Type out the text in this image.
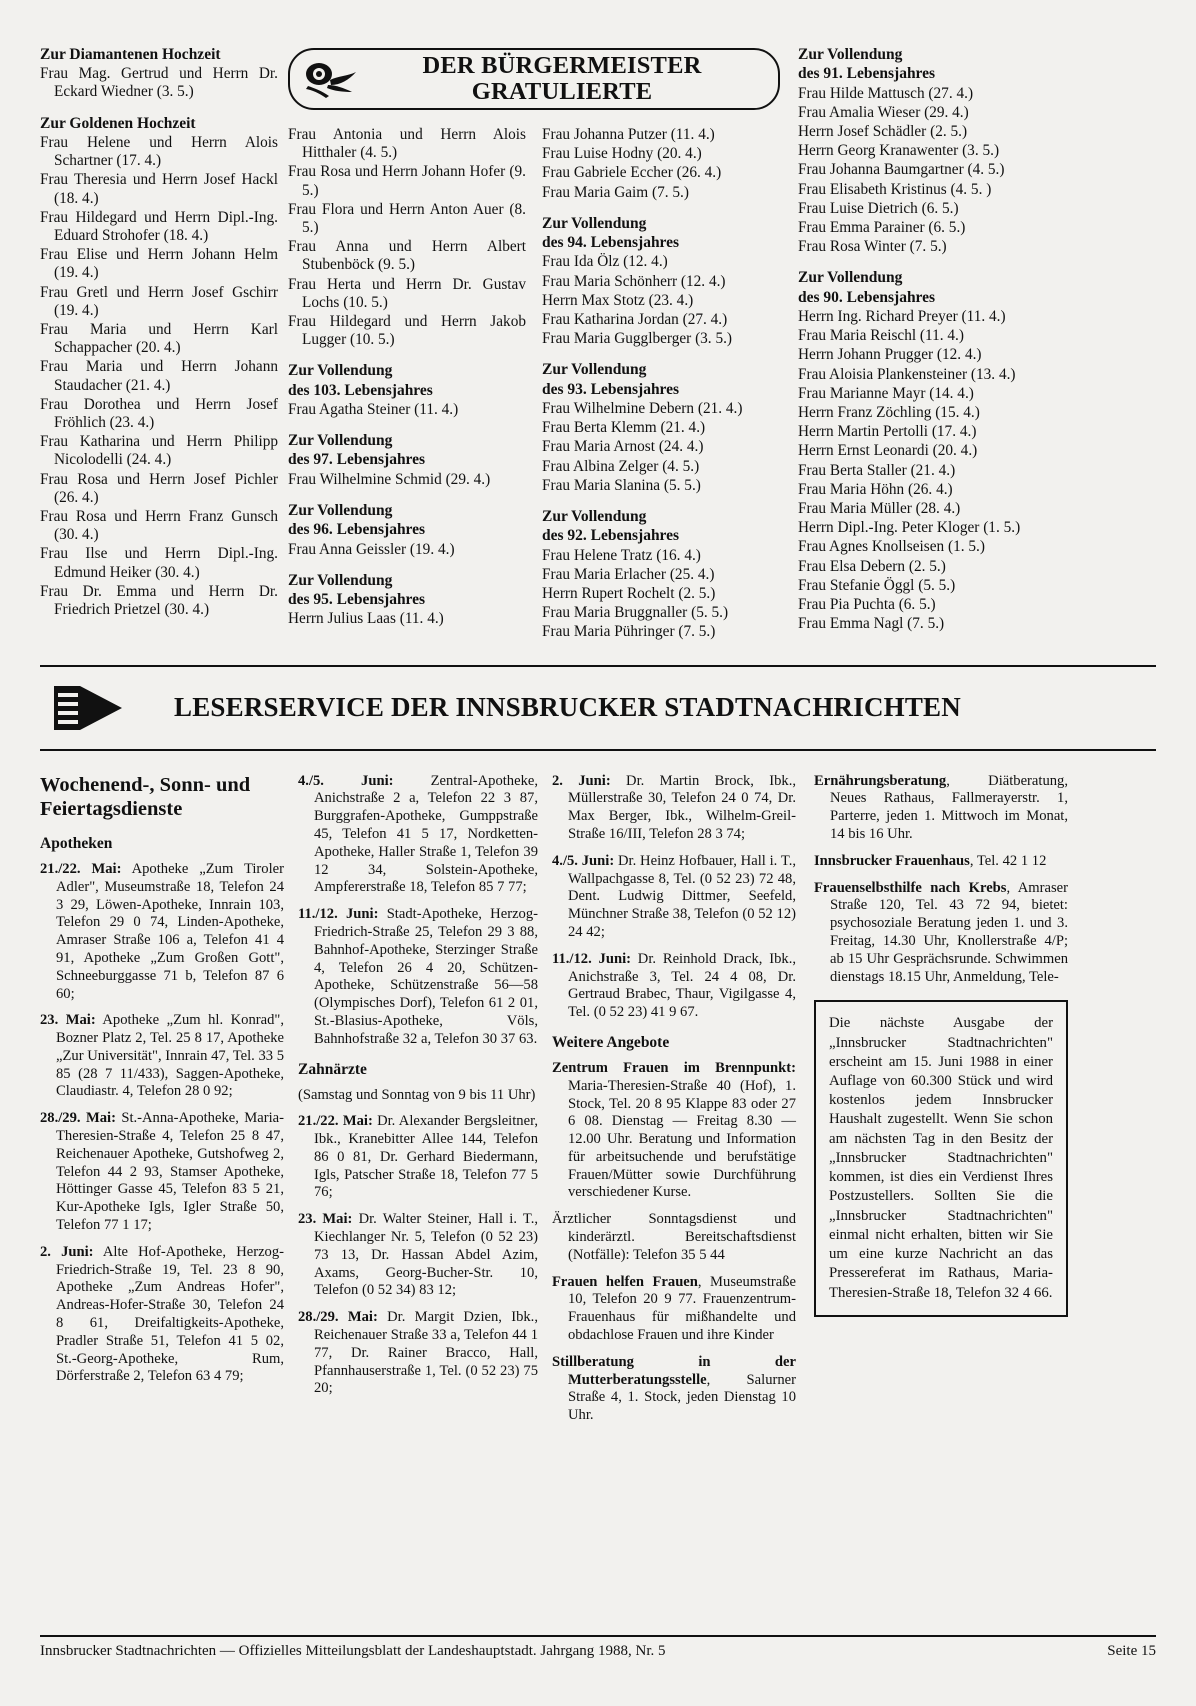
Zur Diamantenen Hochzeit
Frau Mag. Gertrud und Herrn Dr. Eckard Wiedner (3. 5.)
Zur Goldenen Hochzeit
Frau Helene und Herrn Alois Schartner (17. 4.)
Frau Theresia und Herrn Josef Hackl (18. 4.)
Frau Hildegard und Herrn Dipl.-Ing. Eduard Strohofer (18. 4.)
Frau Elise und Herrn Johann Helm (19. 4.)
Frau Gretl und Herrn Josef Gschirr (19. 4.)
Frau Maria und Herrn Karl Schappacher (20. 4.)
Frau Maria und Herrn Johann Staudacher (21. 4.)
Frau Dorothea und Herrn Josef Fröhlich (23. 4.)
Frau Katharina und Herrn Philipp Nicolodelli (24. 4.)
Frau Rosa und Herrn Josef Pichler (26. 4.)
Frau Rosa und Herrn Franz Gunsch (30. 4.)
Frau Ilse und Herrn Dipl.-Ing. Edmund Heiker (30. 4.)
Frau Dr. Emma und Herrn Dr. Friedrich Prietzel (30. 4.)
DER BÜRGERMEISTER GRATULIERTE
Frau Antonia und Herrn Alois Hitthaler (4. 5.)
Frau Rosa und Herrn Johann Hofer (9. 5.)
Frau Flora und Herrn Anton Auer (8. 5.)
Frau Anna und Herrn Albert Stubenböck (9. 5.)
Frau Herta und Herrn Dr. Gustav Lochs (10. 5.)
Frau Hildegard und Herrn Jakob Lugger (10. 5.)
Zur Vollendung
des 103. Lebensjahres
Frau Agatha Steiner (11. 4.)
Zur Vollendung
des 97. Lebensjahres
Frau Wilhelmine Schmid (29. 4.)
Zur Vollendung
des 96. Lebensjahres
Frau Anna Geissler (19. 4.)
Zur Vollendung
des 95. Lebensjahres
Herrn Julius Laas (11. 4.)
Frau Johanna Putzer (11. 4.)
Frau Luise Hodny (20. 4.)
Frau Gabriele Eccher (26. 4.)
Frau Maria Gaim (7. 5.)
Zur Vollendung
des 94. Lebensjahres
Frau Ida Ölz (12. 4.)
Frau Maria Schönherr (12. 4.)
Herrn Max Stotz (23. 4.)
Frau Katharina Jordan (27. 4.)
Frau Maria Gugglberger (3. 5.)
Zur Vollendung
des 93. Lebensjahres
Frau Wilhelmine Debern (21. 4.)
Frau Berta Klemm (21. 4.)
Frau Maria Arnost (24. 4.)
Frau Albina Zelger (4. 5.)
Frau Maria Slanina (5. 5.)
Zur Vollendung
des 92. Lebensjahres
Frau Helene Tratz (16. 4.)
Frau Maria Erlacher (25. 4.)
Herrn Rupert Rochelt (2. 5.)
Frau Maria Bruggnaller (5. 5.)
Frau Maria Pühringer (7. 5.)
Zur Vollendung
des 91. Lebensjahres
Frau Hilde Mattusch (27. 4.)
Frau Amalia Wieser (29. 4.)
Herrn Josef Schädler (2. 5.)
Herrn Georg Kranawenter (3. 5.)
Frau Johanna Baumgartner (4. 5.)
Frau Elisabeth Kristinus (4. 5. )
Frau Luise Dietrich (6. 5.)
Frau Emma Parainer (6. 5.)
Frau Rosa Winter (7. 5.)
Zur Vollendung
des 90. Lebensjahres
Herrn Ing. Richard Preyer (11. 4.)
Frau Maria Reischl (11. 4.)
Herrn Johann Prugger (12. 4.)
Frau Aloisia Plankensteiner (13. 4.)
Frau Marianne Mayr (14. 4.)
Herrn Franz Zöchling (15. 4.)
Herrn Martin Pertolli (17. 4.)
Herrn Ernst Leonardi (20. 4.)
Frau Berta Staller (21. 4.)
Frau Maria Höhn (26. 4.)
Frau Maria Müller (28. 4.)
Herrn Dipl.-Ing. Peter Kloger (1. 5.)
Frau Agnes Knollseisen (1. 5.)
Frau Elsa Debern (2. 5.)
Frau Stefanie Öggl (5. 5.)
Frau Pia Puchta (6. 5.)
Frau Emma Nagl (7. 5.)
LESERSERVICE DER INNSBRUCKER STADTNACHRICHTEN
Wochenend-, Sonn- und Feiertagsdienste
Apotheken
21./22. Mai: Apotheke „Zum Tiroler Adler", Museumstraße 18, Telefon 24 3 29, Löwen-Apotheke, Innrain 103, Telefon 29 0 74, Linden-Apotheke, Amraser Straße 106 a, Telefon 41 4 91, Apotheke „Zum Großen Gott", Schneeburggasse 71 b, Telefon 87 6 60;
23. Mai: Apotheke „Zum hl. Konrad", Bozner Platz 2, Tel. 25 8 17, Apotheke „Zur Universität", Innrain 47, Tel. 33 5 85 (28 7 11/433), Saggen-Apotheke, Claudiastr. 4, Telefon 28 0 92;
28./29. Mai: St.-Anna-Apotheke, Maria-Theresien-Straße 4, Telefon 25 8 47, Reichenauer Apotheke, Gutshofweg 2, Telefon 44 2 93, Stamser Apotheke, Höttinger Gasse 45, Telefon 83 5 21, Kur-Apotheke Igls, Igler Straße 50, Telefon 77 1 17;
2. Juni: Alte Hof-Apotheke, Herzog-Friedrich-Straße 19, Tel. 23 8 90, Apotheke „Zum Andreas Hofer", Andreas-Hofer-Straße 30, Telefon 24 8 61, Dreifaltigkeits-Apotheke, Pradler Straße 51, Telefon 41 5 02, St.-Georg-Apotheke, Rum, Dörferstraße 2, Telefon 63 4 79;
4./5. Juni: Zentral-Apotheke, Anichstraße 2 a, Telefon 22 3 87, Burggrafen-Apotheke, Gumppstraße 45, Telefon 41 5 17, Nordketten-Apotheke, Haller Straße 1, Telefon 39 12 34, Solstein-Apotheke, Ampfererstraße 18, Telefon 85 7 77;
11./12. Juni: Stadt-Apotheke, Herzog-Friedrich-Straße 25, Telefon 29 3 88, Bahnhof-Apotheke, Sterzinger Straße 4, Telefon 26 4 20, Schützen-Apotheke, Schützenstraße 56—58 (Olympisches Dorf), Telefon 61 2 01, St.-Blasius-Apotheke, Völs, Bahnhofstraße 32 a, Telefon 30 37 63.
Zahnärzte
(Samstag und Sonntag von 9 bis 11 Uhr)
21./22. Mai: Dr. Alexander Bergsleitner, Ibk., Kranebitter Allee 144, Telefon 86 0 81, Dr. Gerhard Biedermann, Igls, Patscher Straße 18, Telefon 77 5 76;
23. Mai: Dr. Walter Steiner, Hall i. T., Kiechlanger Nr. 5, Telefon (0 52 23) 73 13, Dr. Hassan Abdel Azim, Axams, Georg-Bucher-Str. 10, Telefon (0 52 34) 83 12;
28./29. Mai: Dr. Margit Dzien, Ibk., Reichenauer Straße 33 a, Telefon 44 1 77, Dr. Rainer Bracco, Hall, Pfannhauserstraße 1, Tel. (0 52 23) 75 20;
2. Juni: Dr. Martin Brock, Ibk., Müllerstraße 30, Telefon 24 0 74, Dr. Max Berger, Ibk., Wilhelm-Greil-Straße 16/III, Telefon 28 3 74;
4./5. Juni: Dr. Heinz Hofbauer, Hall i. T., Wallpachgasse 8, Tel. (0 52 23) 72 48, Dent. Ludwig Dittmer, Seefeld, Münchner Straße 38, Telefon (0 52 12) 24 42;
11./12. Juni: Dr. Reinhold Drack, Ibk., Anichstraße 3, Tel. 24 4 08, Dr. Gertraud Brabec, Thaur, Vigilgasse 4, Tel. (0 52 23) 41 9 67.
Weitere Angebote
Zentrum Frauen im Brennpunkt: Maria-Theresien-Straße 40 (Hof), 1. Stock, Tel. 20 8 95 Klappe 83 oder 27 6 08. Dienstag — Freitag 8.30 — 12.00 Uhr. Beratung und Information für arbeitsuchende und berufstätige Frauen/Mütter sowie Durchführung verschiedener Kurse.
Ärztlicher Sonntagsdienst und kinderärztl. Bereitschaftsdienst (Notfälle): Telefon 35 5 44
Frauen helfen Frauen, Museumstraße 10, Telefon 20 9 77. Frauenzentrum-Frauenhaus für mißhandelte und obdachlose Frauen und ihre Kinder
Stillberatung in der Mutterberatungsstelle, Salurner Straße 4, 1. Stock, jeden Dienstag 10 Uhr.
Ernährungsberatung, Diätberatung, Neues Rathaus, Fallmerayerstr. 1, Parterre, jeden 1. Mittwoch im Monat, 14 bis 16 Uhr.
Innsbrucker Frauenhaus, Tel. 42 1 12
Frauenselbsthilfe nach Krebs, Amraser Straße 120, Tel. 43 72 94, bietet: psychosoziale Beratung jeden 1. und 3. Freitag, 14.30 Uhr, Knollerstraße 4/P; ab 15 Uhr Gesprächsrunde. Schwimmen dienstags 18.15 Uhr, Anmeldung, Tele-

Die nächste Ausgabe der „Innsbrucker Stadtnachrichten" erscheint am 15. Juni 1988 in einer Auflage von 60.300 Stück und wird kostenlos jedem Innsbrucker Haushalt zugestellt. Wenn Sie schon am nächsten Tag in den Besitz der „Innsbrucker Stadtnachrichten" kommen, ist dies ein Verdienst Ihres Postzustellers. Sollten Sie die „Innsbrucker Stadtnachrichten" einmal nicht erhalten, bitten wir Sie um eine kurze Nachricht an das Pressereferat im Rathaus, Maria-Theresien-Straße 18, Telefon 32 4 66.

Innsbrucker Stadtnachrichten — Offizielles Mitteilungsblatt der Landeshauptstadt. Jahrgang 1988, Nr. 5	Seite 15
